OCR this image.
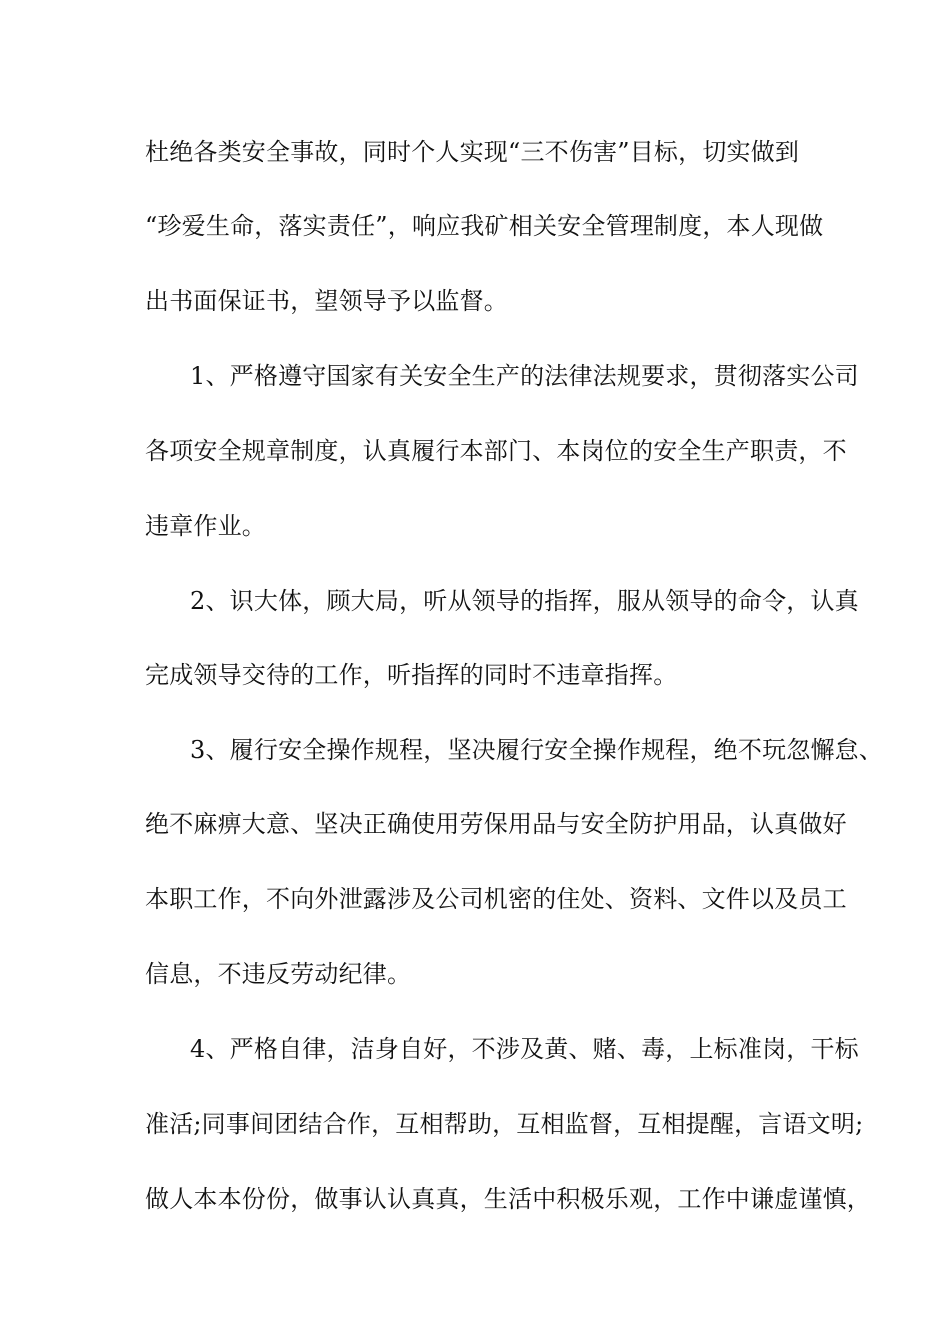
杜绝各类安全事故，同时个人实现“三不伤害”目标，切实做到
“珍爱生命，落实责任”，响应我矿相关安全管理制度，本人现做
出书面保证书，望领导予以监督。
1、严格遵守国家有关安全生产的法律法规要求，贯彻落实公司
各项安全规章制度，认真履行本部门、本岗位的安全生产职责，不
违章作业。
2、识大体，顾大局，听从领导的指挥，服从领导的命令，认真
完成领导交待的工作，听指挥的同时不违章指挥。
3、履行安全操作规程，坚决履行安全操作规程，绝不玩忽懈怠、
绝不麻痹大意、坚决正确使用劳保用品与安全防护用品，认真做好
本职工作，不向外泄露涉及公司机密的住处、资料、文件以及员工
信息，不违反劳动纪律。
4、严格自律，洁身自好，不涉及黄、赌、毒，上标准岗，干标
准活;同事间团结合作，互相帮助，互相监督，互相提醒，言语文明;
做人本本份份，做事认认真真，生活中积极乐观，工作中谦虚谨慎，
